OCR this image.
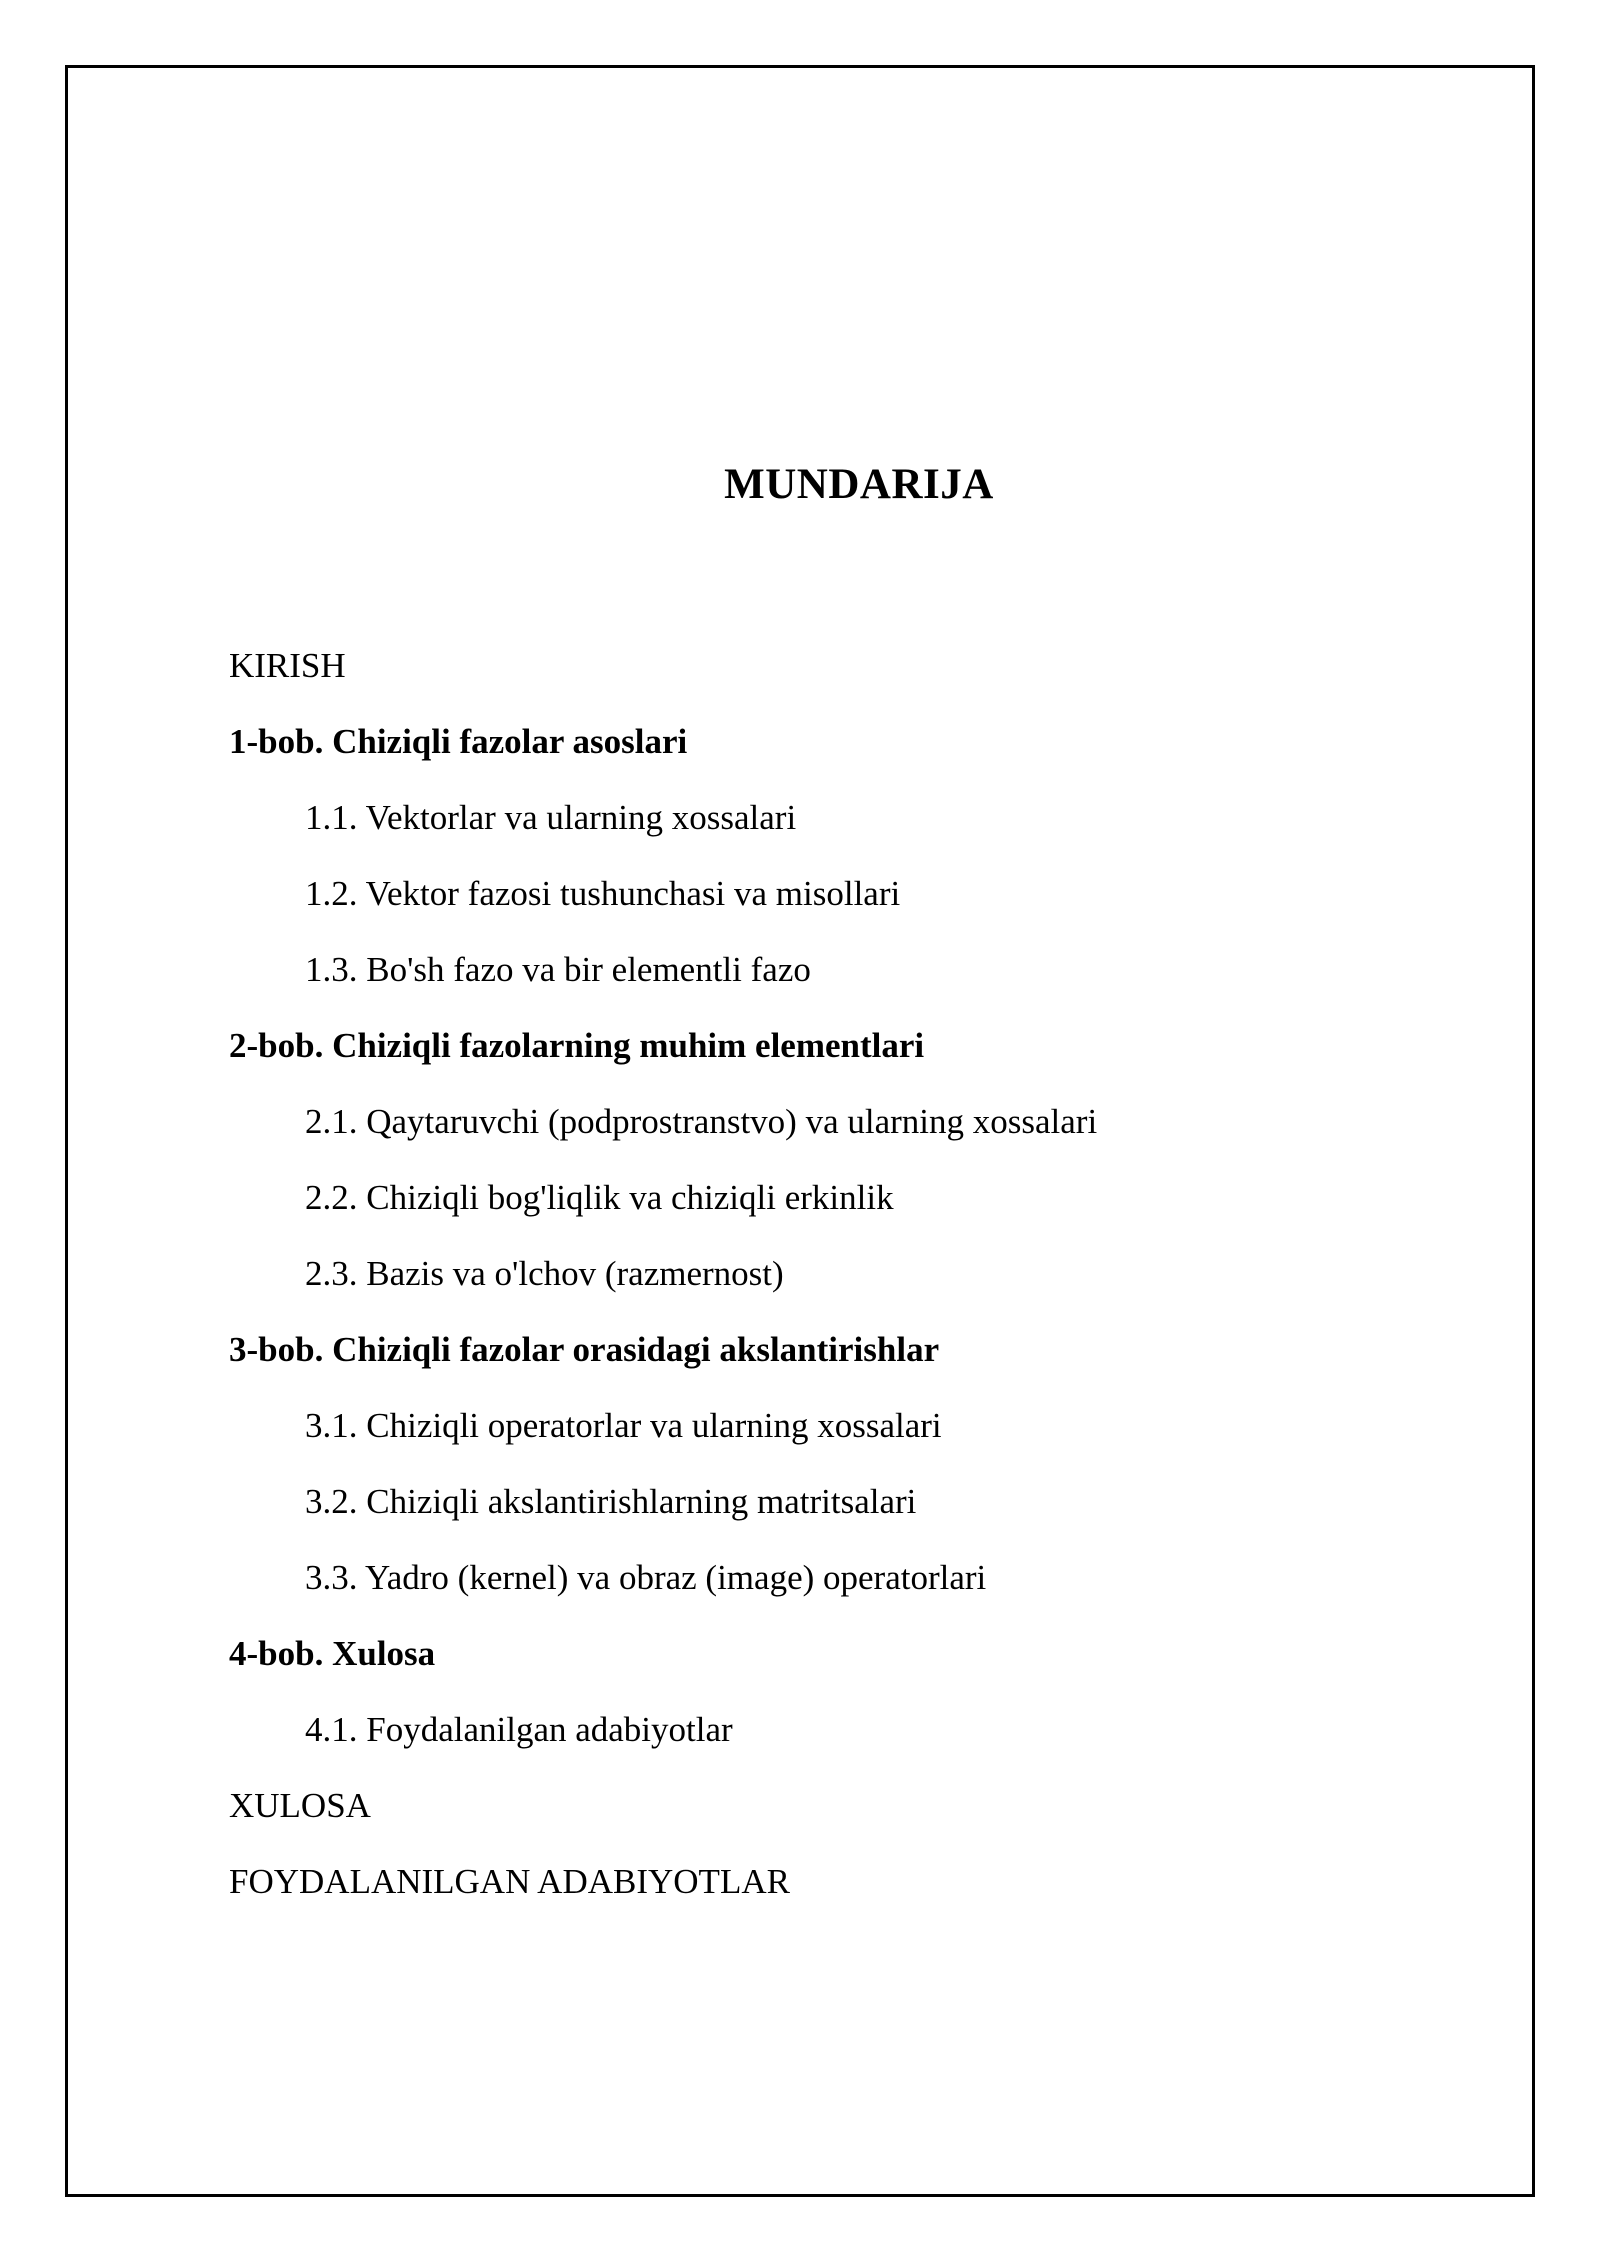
MUNDARIJA
KIRISH
1-bob. Chiziqli fazolar asoslari
1.1. Vektorlar va ularning xossalari
1.2. Vektor fazosi tushunchasi va misollari
1.3. Bo'sh fazo va bir elementli fazo
2-bob. Chiziqli fazolarning muhim elementlari
2.1. Qaytaruvchi (podprostranstvo) va ularning xossalari
2.2. Chiziqli bog'liqlik va chiziqli erkinlik
2.3. Bazis va o'lchov (razmernost)
3-bob. Chiziqli fazolar orasidagi akslantirishlar
3.1. Chiziqli operatorlar va ularning xossalari
3.2. Chiziqli akslantirishlarning matritsalari
3.3. Yadro (kernel) va obraz (image) operatorlari
4-bob. Xulosa
4.1. Foydalanilgan adabiyotlar
XULOSA
FOYDALANILGAN ADABIYOTLAR
